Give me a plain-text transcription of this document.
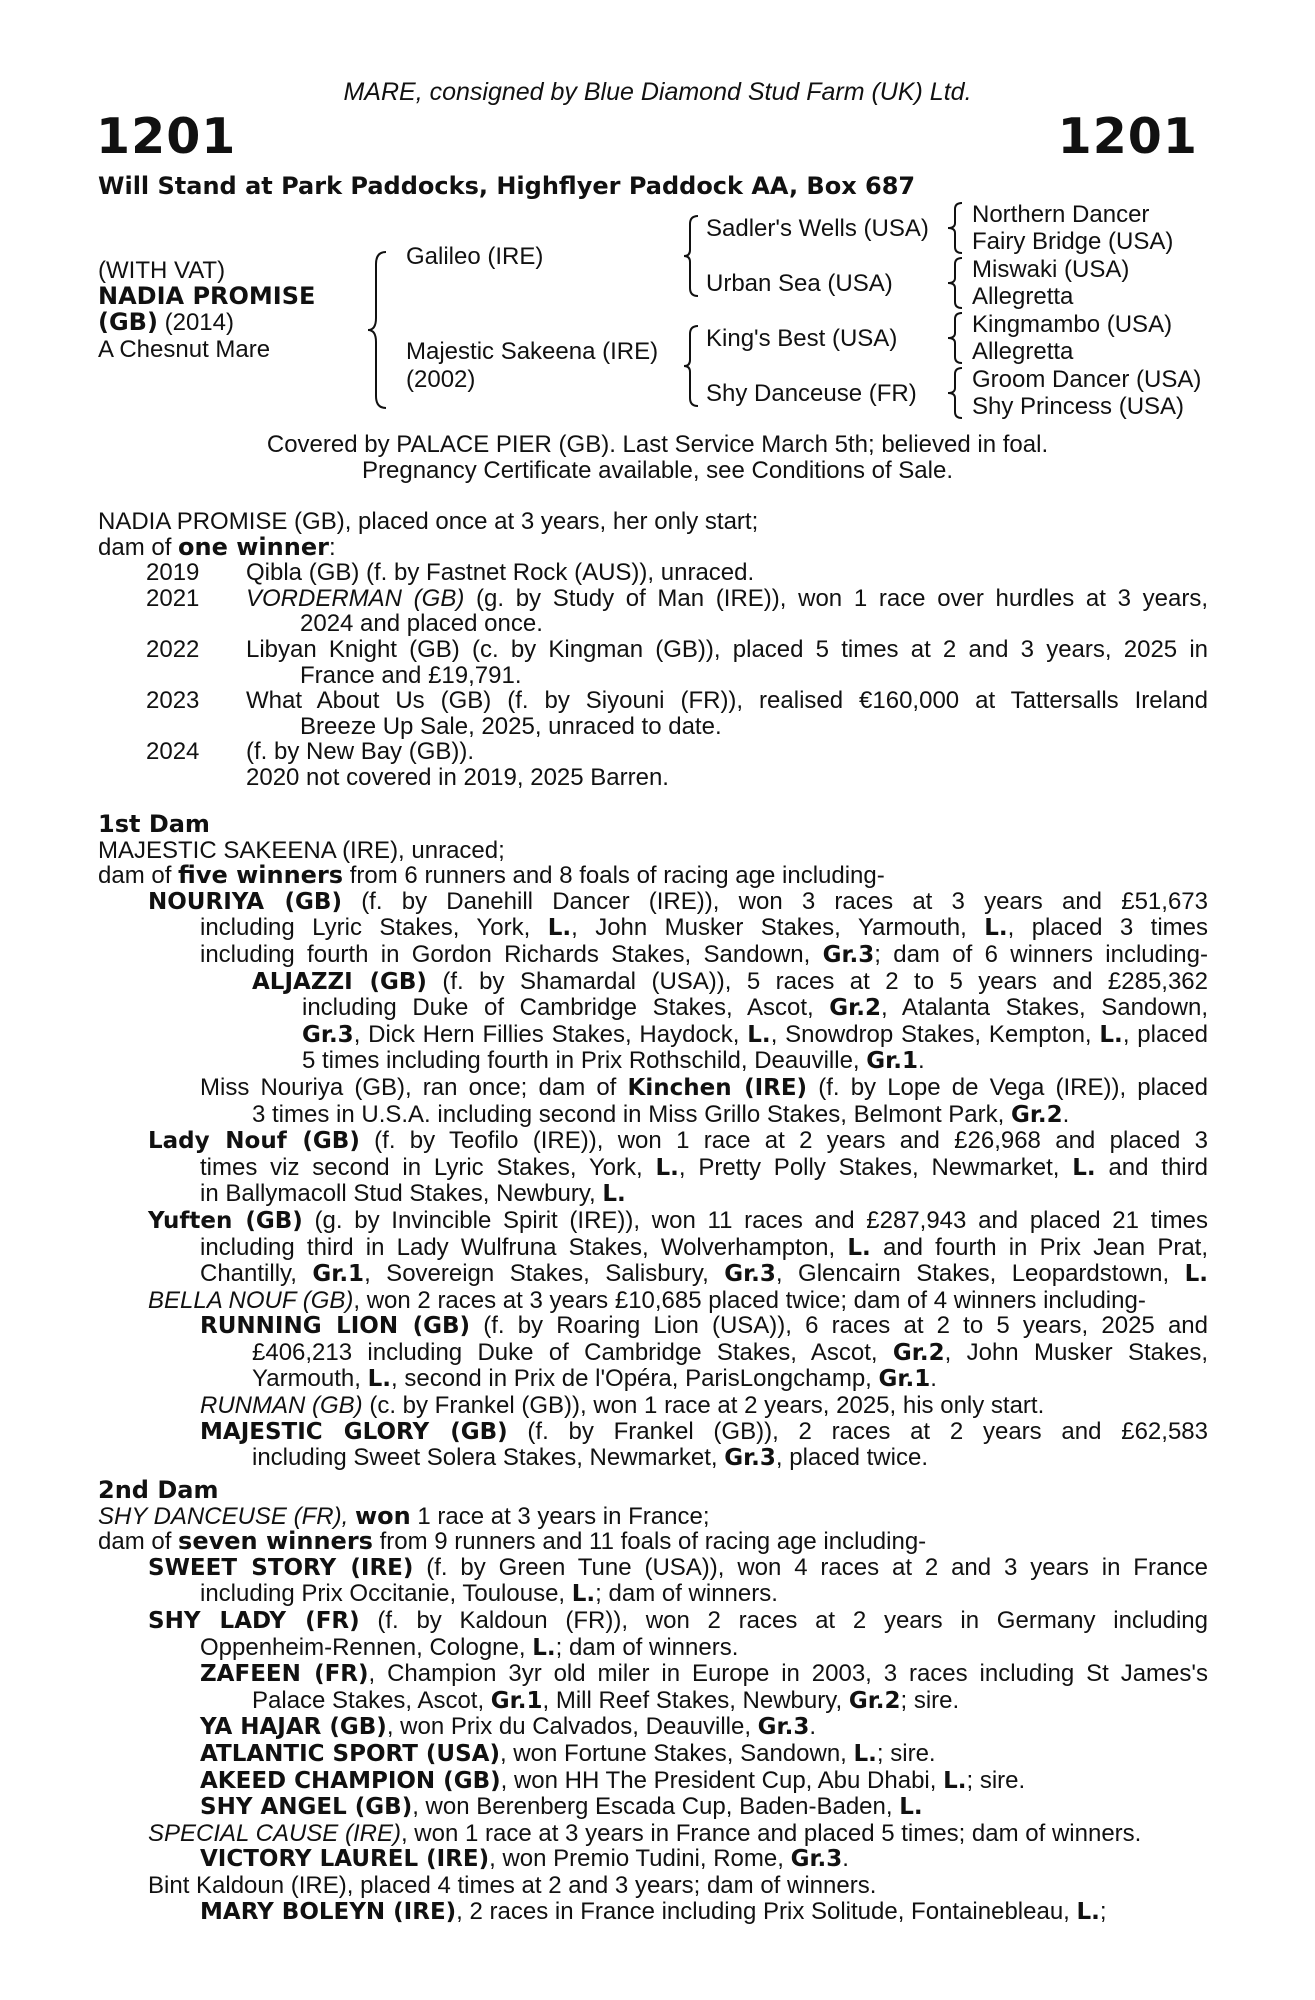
MARE, consigned by Blue Diamond Stud Farm (UK) Ltd.
1201	1201
Will Stand at Park Paddocks, Highflyer Paddock AA, Box 687
(WITH VAT)
NADIA PROMISE
(GB) (2014)
A Chesnut Mare
Galileo (IRE)
Majestic Sakeena (IRE)
(2002)
Sadler's Wells (USA)
Urban Sea (USA)
King's Best (USA)
Shy Danceuse (FR)
Northern Dancer
Fairy Bridge (USA)
Miswaki (USA)
Allegretta
Kingmambo (USA)
Allegretta
Groom Dancer (USA)
Shy Princess (USA)
Covered by PALACE PIER (GB). Last Service March 5th; believed in foal.
Pregnancy Certificate available, see Conditions of Sale.
NADIA PROMISE (GB), placed once at 3 years, her only start;
dam of one winner:
2019 Qibla (GB) (f. by Fastnet Rock (AUS)), unraced.
2021 VORDERMAN (GB) (g. by Study of Man (IRE)), won 1 race over hurdles at 3 years,
2024 and placed once.
2022 Libyan Knight (GB) (c. by Kingman (GB)), placed 5 times at 2 and 3 years, 2025 in
France and £19,791.
2023 What About Us (GB) (f. by Siyouni (FR)), realised €160,000 at Tattersalls Ireland
Breeze Up Sale, 2025, unraced to date.
2024 (f. by New Bay (GB)).
2020 not covered in 2019, 2025 Barren.
1st Dam
MAJESTIC SAKEENA (IRE), unraced;
dam of five winners from 6 runners and 8 foals of racing age including-
NOURIYA (GB) (f. by Danehill Dancer (IRE)), won 3 races at 3 years and £51,673
including Lyric Stakes, York, L., John Musker Stakes, Yarmouth, L., placed 3 times
including fourth in Gordon Richards Stakes, Sandown, Gr.3; dam of 6 winners including-
ALJAZZI (GB) (f. by Shamardal (USA)), 5 races at 2 to 5 years and £285,362
including Duke of Cambridge Stakes, Ascot, Gr.2, Atalanta Stakes, Sandown,
Gr.3, Dick Hern Fillies Stakes, Haydock, L., Snowdrop Stakes, Kempton, L., placed
5 times including fourth in Prix Rothschild, Deauville, Gr.1.
Miss Nouriya (GB), ran once; dam of Kinchen (IRE) (f. by Lope de Vega (IRE)), placed
3 times in U.S.A. including second in Miss Grillo Stakes, Belmont Park, Gr.2.
Lady Nouf (GB) (f. by Teofilo (IRE)), won 1 race at 2 years and £26,968 and placed 3
times viz second in Lyric Stakes, York, L., Pretty Polly Stakes, Newmarket, L. and third
in Ballymacoll Stud Stakes, Newbury, L.
Yuften (GB) (g. by Invincible Spirit (IRE)), won 11 races and £287,943 and placed 21 times
including third in Lady Wulfruna Stakes, Wolverhampton, L. and fourth in Prix Jean Prat,
Chantilly, Gr.1, Sovereign Stakes, Salisbury, Gr.3, Glencairn Stakes, Leopardstown, L.
BELLA NOUF (GB), won 2 races at 3 years £10,685 placed twice; dam of 4 winners including-
RUNNING LION (GB) (f. by Roaring Lion (USA)), 6 races at 2 to 5 years, 2025 and
£406,213 including Duke of Cambridge Stakes, Ascot, Gr.2, John Musker Stakes,
Yarmouth, L., second in Prix de l'Opéra, ParisLongchamp, Gr.1.
RUNMAN (GB) (c. by Frankel (GB)), won 1 race at 2 years, 2025, his only start.
MAJESTIC GLORY (GB) (f. by Frankel (GB)), 2 races at 2 years and £62,583
including Sweet Solera Stakes, Newmarket, Gr.3, placed twice.
2nd Dam
SHY DANCEUSE (FR), won 1 race at 3 years in France;
dam of seven winners from 9 runners and 11 foals of racing age including-
SWEET STORY (IRE) (f. by Green Tune (USA)), won 4 races at 2 and 3 years in France
including Prix Occitanie, Toulouse, L.; dam of winners.
SHY LADY (FR) (f. by Kaldoun (FR)), won 2 races at 2 years in Germany including
Oppenheim-Rennen, Cologne, L.; dam of winners.
ZAFEEN (FR), Champion 3yr old miler in Europe in 2003, 3 races including St James's
Palace Stakes, Ascot, Gr.1, Mill Reef Stakes, Newbury, Gr.2; sire.
YA HAJAR (GB), won Prix du Calvados, Deauville, Gr.3.
ATLANTIC SPORT (USA), won Fortune Stakes, Sandown, L.; sire.
AKEED CHAMPION (GB), won HH The President Cup, Abu Dhabi, L.; sire.
SHY ANGEL (GB), won Berenberg Escada Cup, Baden-Baden, L.
SPECIAL CAUSE (IRE), won 1 race at 3 years in France and placed 5 times; dam of winners.
VICTORY LAUREL (IRE), won Premio Tudini, Rome, Gr.3.
Bint Kaldoun (IRE), placed 4 times at 2 and 3 years; dam of winners.
MARY BOLEYN (IRE), 2 races in France including Prix Solitude, Fontainebleau, L.;
